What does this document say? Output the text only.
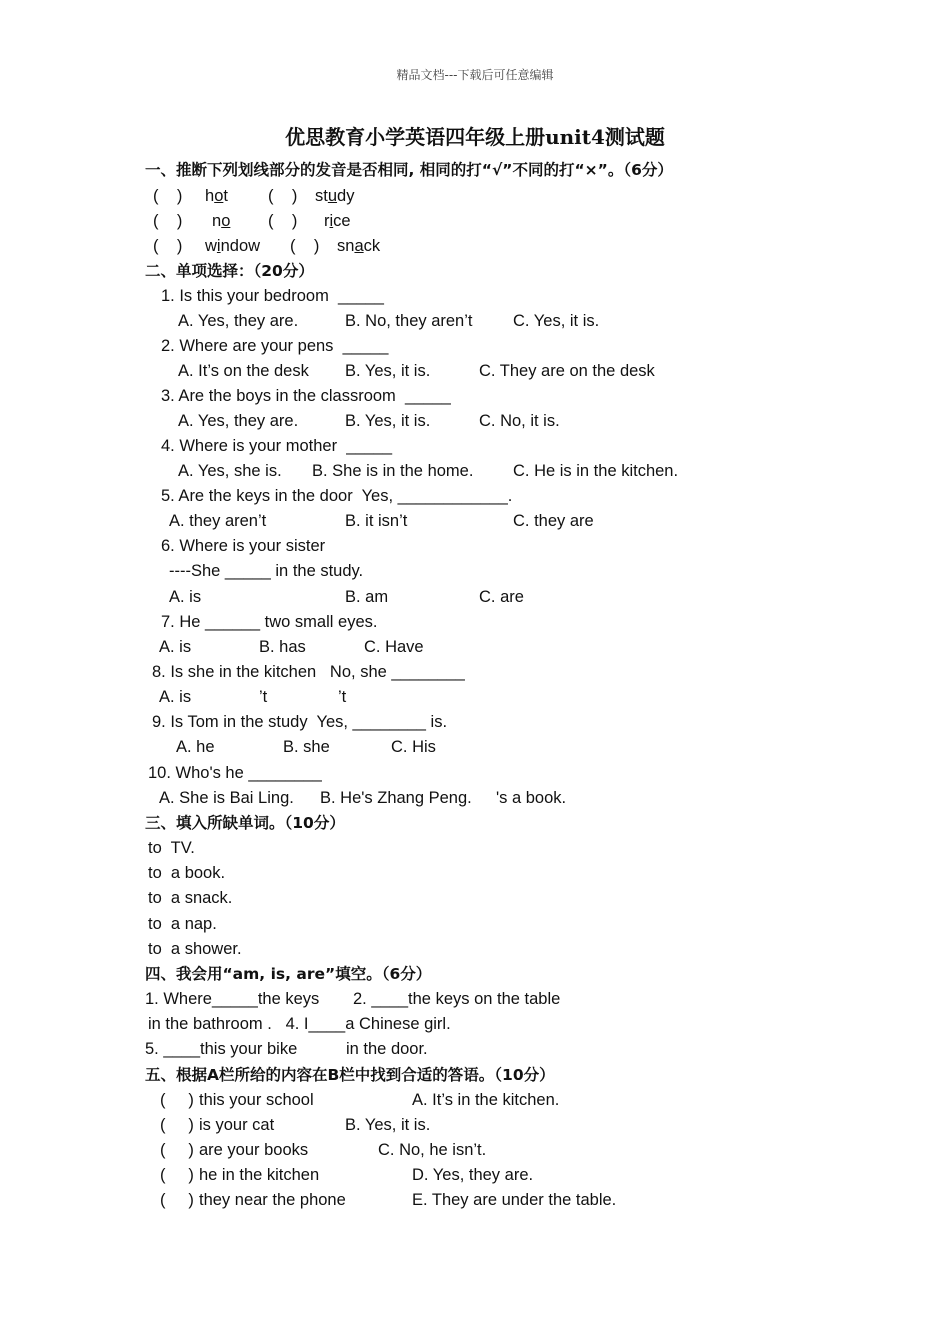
精品文档---下载后可任意编辑
优思教育小学英语四年级上册unit4测试题
一、推断下列划线部分的发音是否相同, 相同的打“√”不同的打“×”。（6分）
(    ) hot (    ) study
(    ) no (    ) rice
(    ) window (    ) snack
二、单项选择：（20分）
1. Is this your bedroom  _____
A. Yes, they are.	B. No, they aren’t C. Yes, it is.
2. Where are your pens  _____
A. It’s on the desk B. Yes, it is.	C. They are on the desk
3. Are the boys in the classroom  _____
A. Yes, they are.	B. Yes, it is.	C. No, it is.
4. Where is your mother  _____
A. Yes, she is. B. She is in the home. C. He is in the kitchen.
5. Are the keys in the door  Yes, ____________.
A. they aren’t	B. it isn’t	C. they are
6. Where is your sister
----She _____ in the study.
A. is	B. am	C. are
7. He ______ two small eyes.
A. is	B. has	C. Have
8. Is she in the kitchen   No, she ________
A. is	’t	’t
9. Is Tom in the study  Yes, ________ is.
A. he	B. she	C. His
10. Who's he ________
A. She is Bai Ling. B. He's Zhang Peng. 's a book.
三、填入所缺单词。（10分）
to  TV.
to  a book.
to  a snack.
to  a nap.
to  a shower.
四、我会用“am, is, are”填空。（6分）
1. Where_____the keys 2. ____the keys on the table
in the bathroom .   4. I____a Chinese girl.
5. ____this your bike	in the door.
五、根据A栏所给的内容在B栏中找到合适的答语。（10分）
(     ) this your school	A. It’s in the kitchen.
(     ) is your cat	B. Yes, it is.
(     ) are your books	C. No, he isn’t.
(     ) he in the kitchen	D. Yes, they are.
(     ) they near the phone	E. They are under the table.
